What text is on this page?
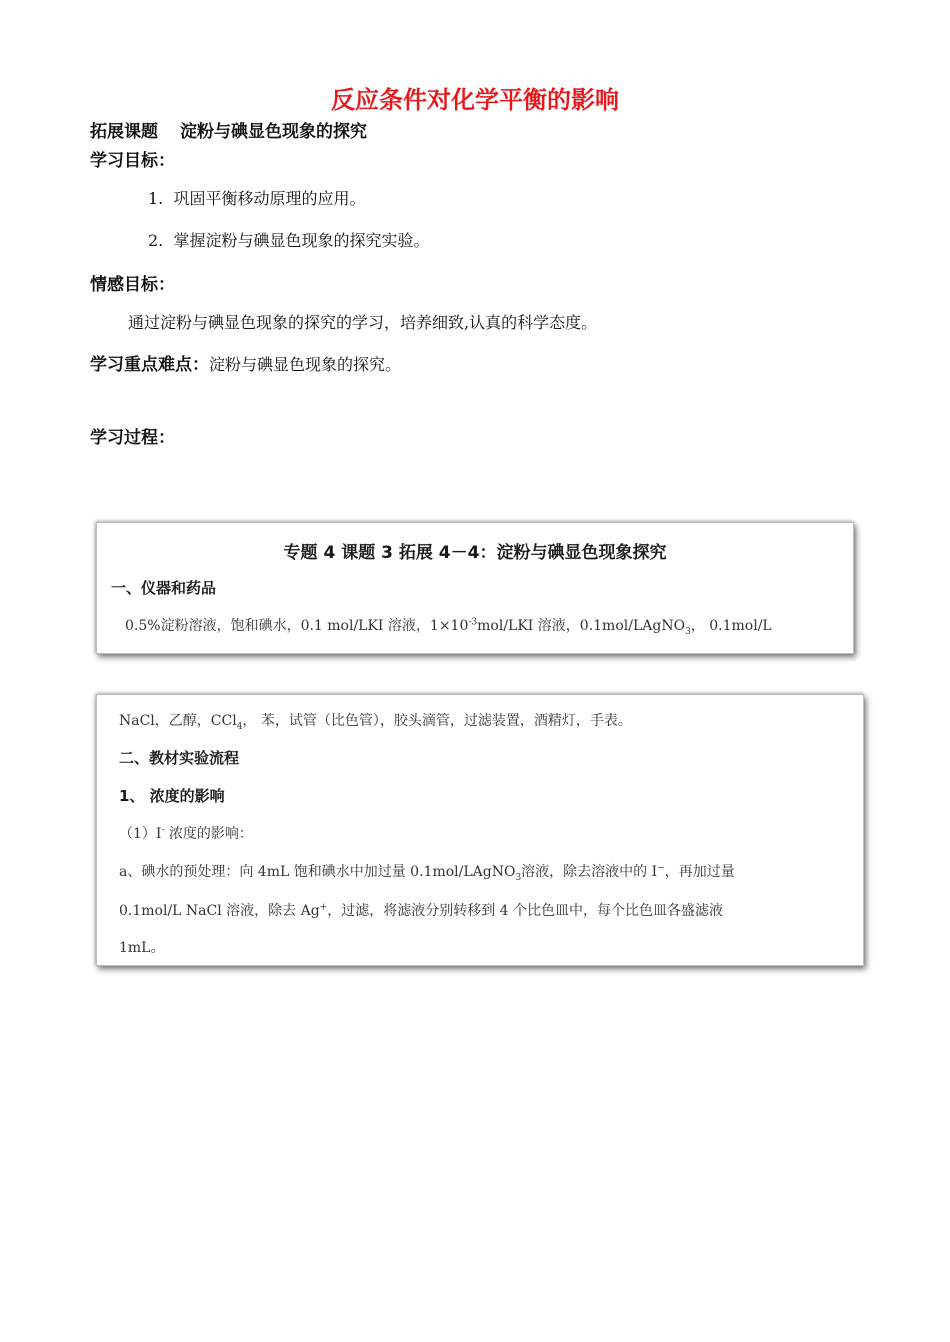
反应条件对化学平衡的影响
拓展课题 淀粉与碘显色现象的探究
学习目标：
1. 巩固平衡移动原理的应用。
2. 掌握淀粉与碘显色现象的探究实验。
情感目标：
通过淀粉与碘显色现象的探究的学习，培养细致,认真的科学态度。
学习重点难点：淀粉与碘显色现象的探究。
学习过程：
专题 4 课题 3 拓展 4－4：淀粉与碘显色现象探究
一、仪器和药品
0.5%淀粉溶液，饱和碘水，0.1 mol/LKI 溶液，$1\times 10^{-3}mol$/LKI 溶液，0.1mol/LAgNO$_3$， 0.1mol/L
NaCl，乙醇，CCl$_4$， 苯，试管（比色管），胶头滴管，过滤装置，酒精灯，手表。
二、教材实验流程
1、 浓度的影响
（1）I- 浓度的影响：
a、碘水的预处理：向 4mL 饱和碘水中加过量 0.1mol/LAgNO$_3$溶液，除去溶液中的 I−，再加过量
0.1mol/L NaCl 溶液，除去 Ag+，过滤，将滤液分别转移到 4 个比色皿中，每个比色皿各盛滤液
1mL。
